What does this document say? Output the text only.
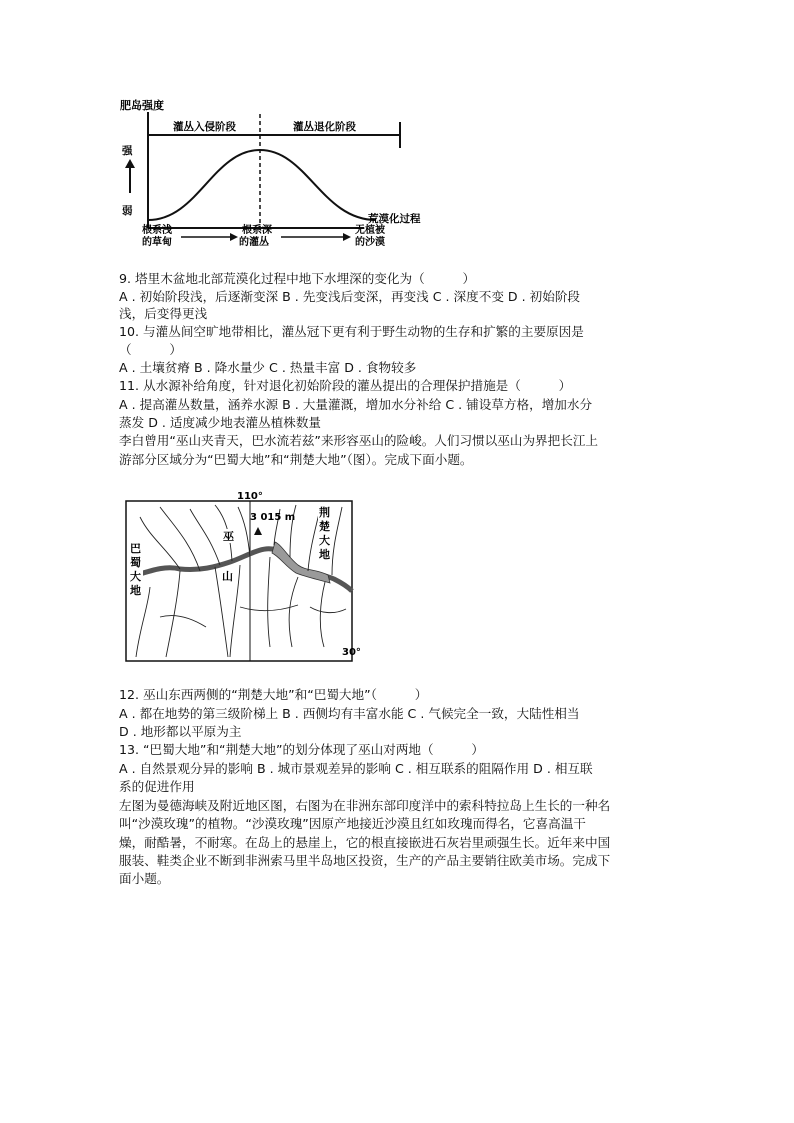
肥岛强度
灌丛入侵阶段	灌丛退化阶段
强
弱
荒漠化过程
根系浅
的草甸
根系深
的灌丛
无植被
的沙漠
9. 塔里木盆地北部荒漠化过程中地下水埋深的变化为（　　　）
A . 初始阶段浅，后逐渐变深 B . 先变浅后变深，再变浅 C . 深度不变 D . 初始阶段
浅，后变得更浅
10. 与灌丛间空旷地带相比，灌丛冠下更有利于野生动物的生存和扩繁的主要原因是
（　　　）
A . 土壤贫瘠 B . 降水量少 C . 热量丰富 D . 食物较多
11. 从水源补给角度，针对退化初始阶段的灌丛提出的合理保护措施是（　　　）
A . 提高灌丛数量，涵养水源 B . 大量灌溉，增加水分补给 C . 铺设草方格，增加水分
蒸发 D . 适度减少地表灌丛植株数量
李白曾用“巫山夹青天，巴水流若兹”来形容巫山的险峻。人们习惯以巫山为界把长江上
游部分区域分为“巴蜀大地”和“荆楚大地”（图）。完成下面小题。
110°
30°
3 015 m
巫
山
巴
蜀
大
地
荆
楚
大
地
12. 巫山东西两侧的“荆楚大地”和“巴蜀大地”（　　　）
A . 都在地势的第三级阶梯上 B . 西侧均有丰富水能 C . 气候完全一致，大陆性相当
D . 地形都以平原为主
13. “巴蜀大地”和“荆楚大地”的划分体现了巫山对两地（　　　）
A . 自然景观分异的影响 B . 城市景观差异的影响 C . 相互联系的阻隔作用 D . 相互联
系的促进作用
左图为曼德海峡及附近地区图，右图为在非洲东部印度洋中的索科特拉岛上生长的一种名
叫“沙漠玫瑰”的植物。“沙漠玫瑰”因原产地接近沙漠且红如玫瑰而得名，它喜高温干
燥，耐酷暑，不耐寒。在岛上的悬崖上，它的根直接嵌进石灰岩里顽强生长。近年来中国
服装、鞋类企业不断到非洲索马里半岛地区投资，生产的产品主要销往欧美市场。完成下
面小题。
